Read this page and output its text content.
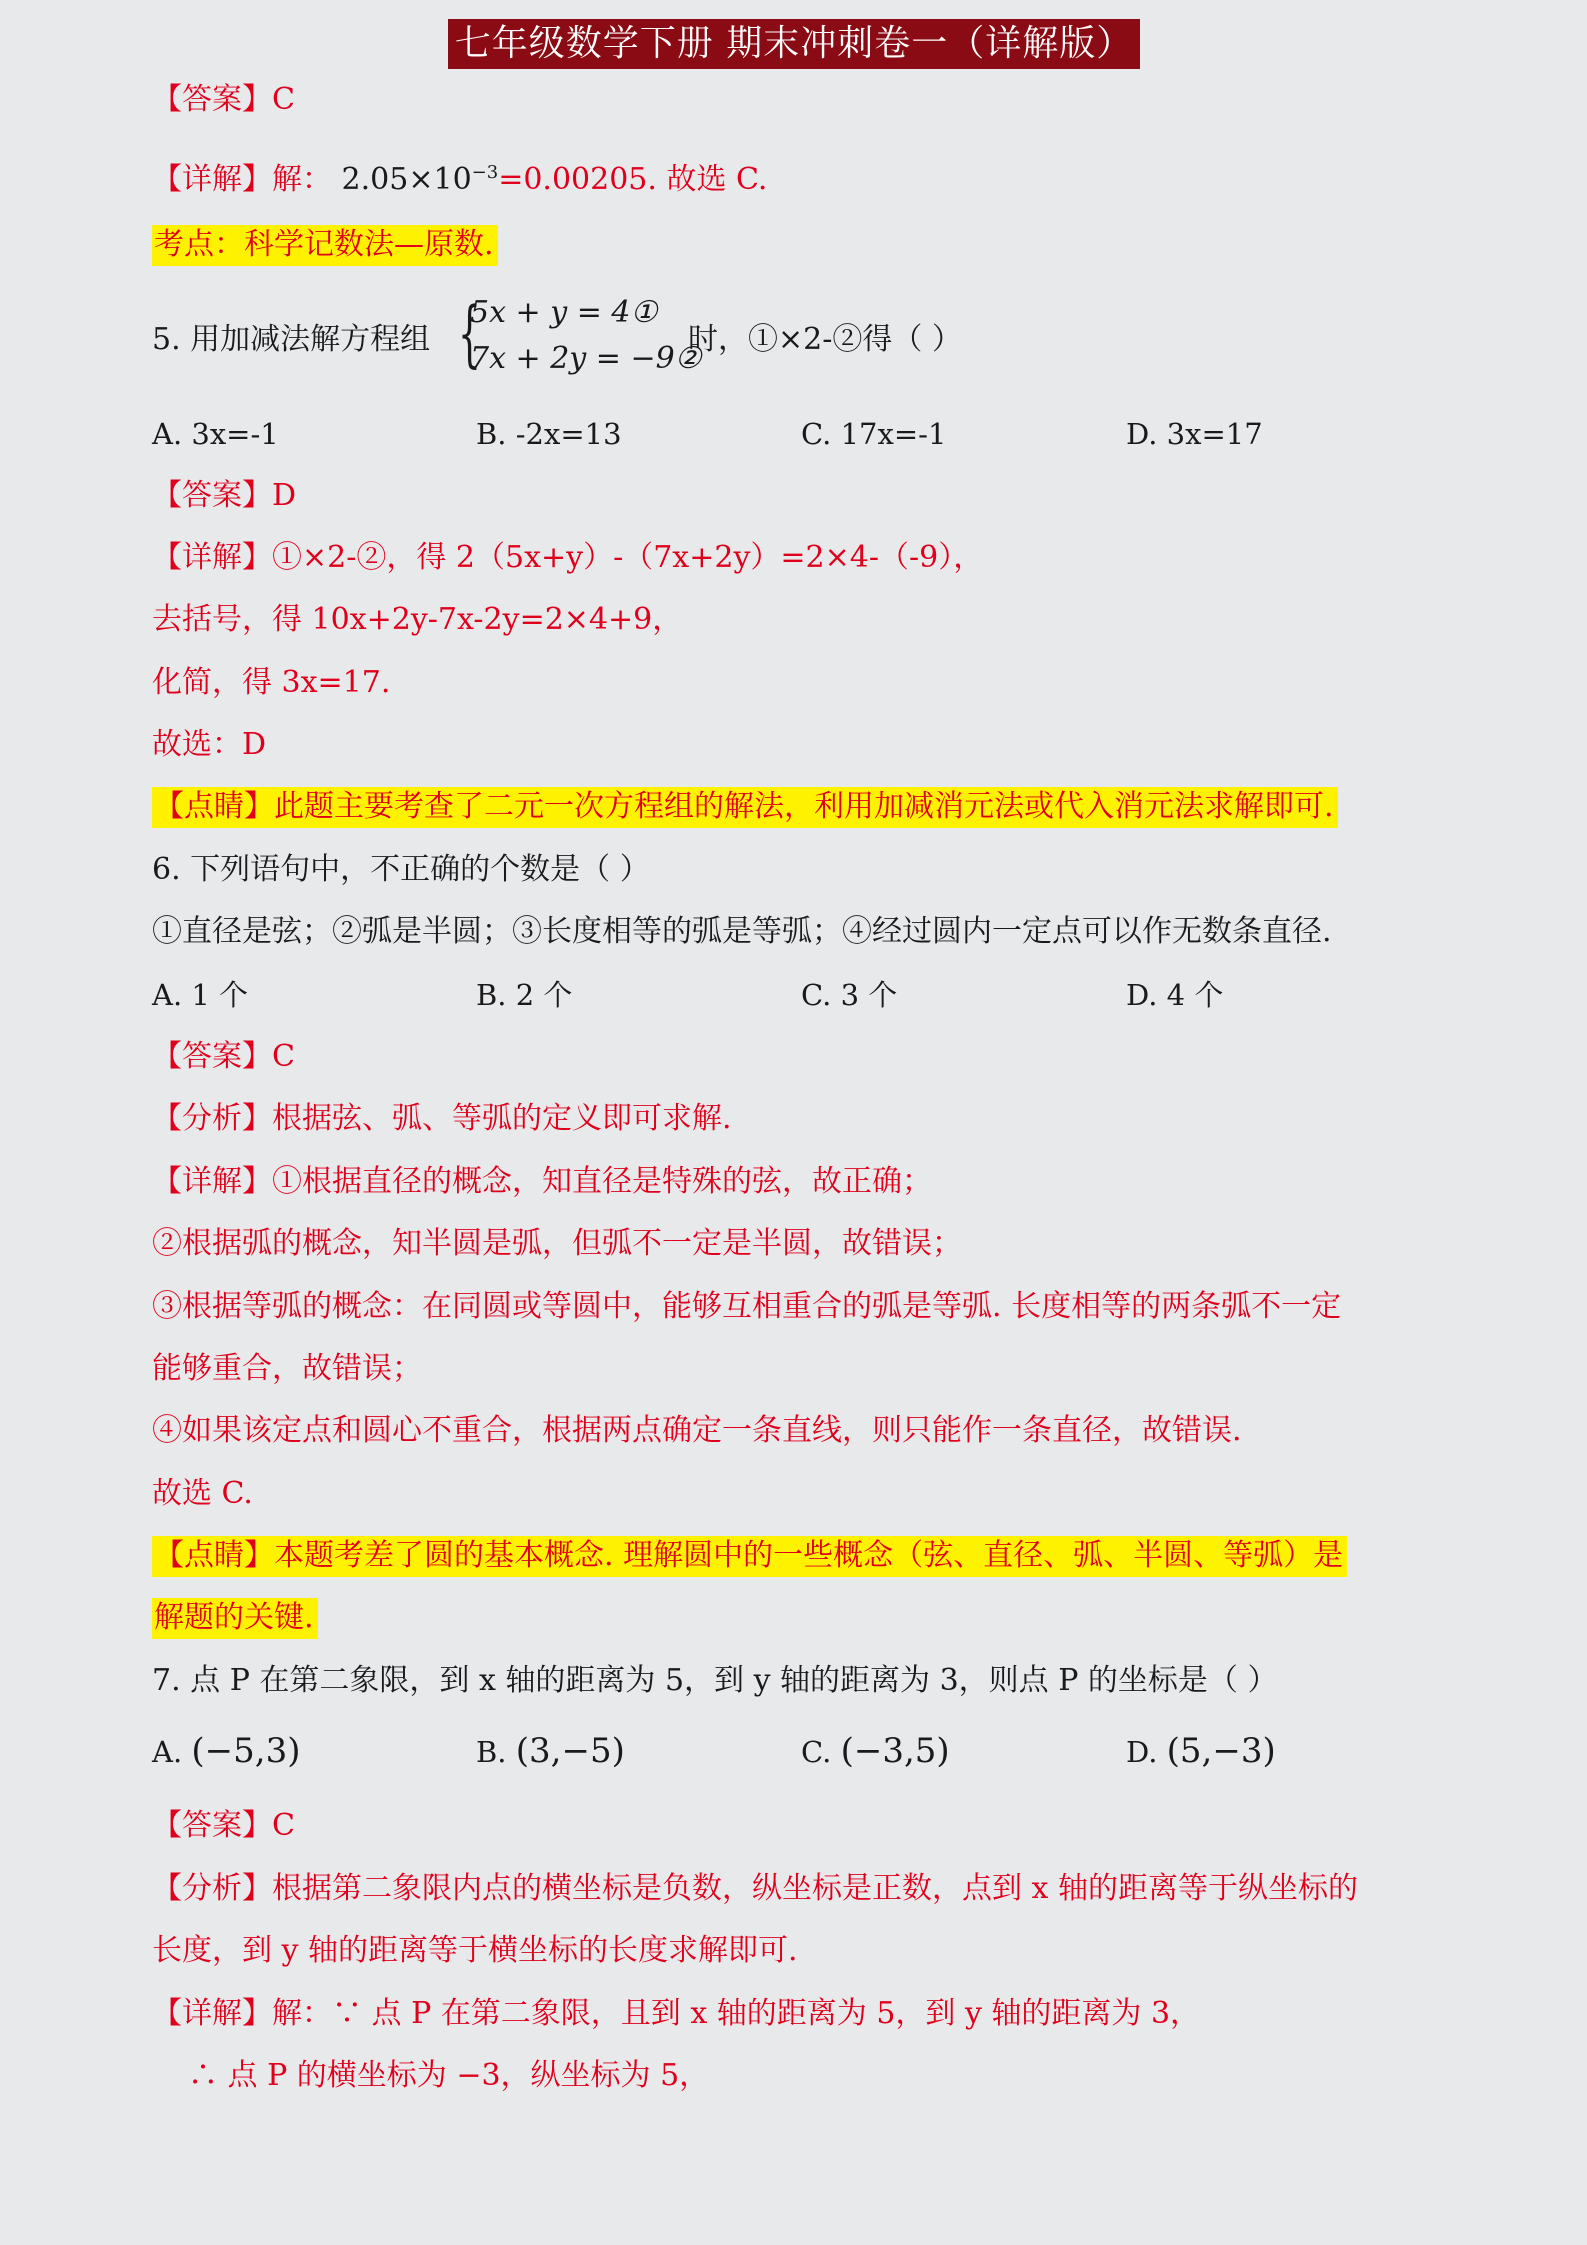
七年级数学下册 期末冲刺卷一（详解版）
【答案】C
【详解】解： $2.05\times 10^{-3}=0.00205$. 故选 C.
考点：科学记数法—原数.
5. 用加减法解方程组 {
5x + y = 4①
7x + 2y = −9②
时，①×2-②得（ ）
A. 3x=-1	B. -2x=13	C. 17x=-1	D. 3x=17
【答案】D
【详解】①×2-②，得 2（5x+y）-（7x+2y）=2×4-（-9），
去括号，得 10x+2y-7x-2y=2×4+9，
化简，得 3x=17.
故选：D
【点睛】此题主要考查了二元一次方程组的解法，利用加减消元法或代入消元法求解即可.
6. 下列语句中，不正确的个数是（ ）
①直径是弦；②弧是半圆；③长度相等的弧是等弧；④经过圆内一定点可以作无数条直径.
A. 1 个	B. 2 个	C. 3 个	D. 4 个
【答案】C
【分析】根据弦、弧、等弧的定义即可求解.
【详解】①根据直径的概念，知直径是特殊的弦，故正确；
②根据弧的概念，知半圆是弧，但弧不一定是半圆，故错误；
③根据等弧的概念：在同圆或等圆中，能够互相重合的弧是等弧. 长度相等的两条弧不一定
能够重合，故错误；
④如果该定点和圆心不重合，根据两点确定一条直线，则只能作一条直径，故错误.
故选 C.
【点睛】本题考差了圆的基本概念. 理解圆中的一些概念（弦、直径、弧、半圆、等弧）是
解题的关键.
7. 点 P 在第二象限，到 x 轴的距离为 5，到 y 轴的距离为 3，则点 P 的坐标是（ ）
A. (−5,3)	B. (3,−5)	C. (−3,5)	D. (5,−3)
【答案】C
【分析】根据第二象限内点的横坐标是负数，纵坐标是正数，点到 x 轴的距离等于纵坐标的
长度，到 y 轴的距离等于横坐标的长度求解即可.
【详解】解：∵ 点 P 在第二象限，且到 x 轴的距离为 5，到 y 轴的距离为 3，
∴ 点 P 的横坐标为 −3，纵坐标为 5，
